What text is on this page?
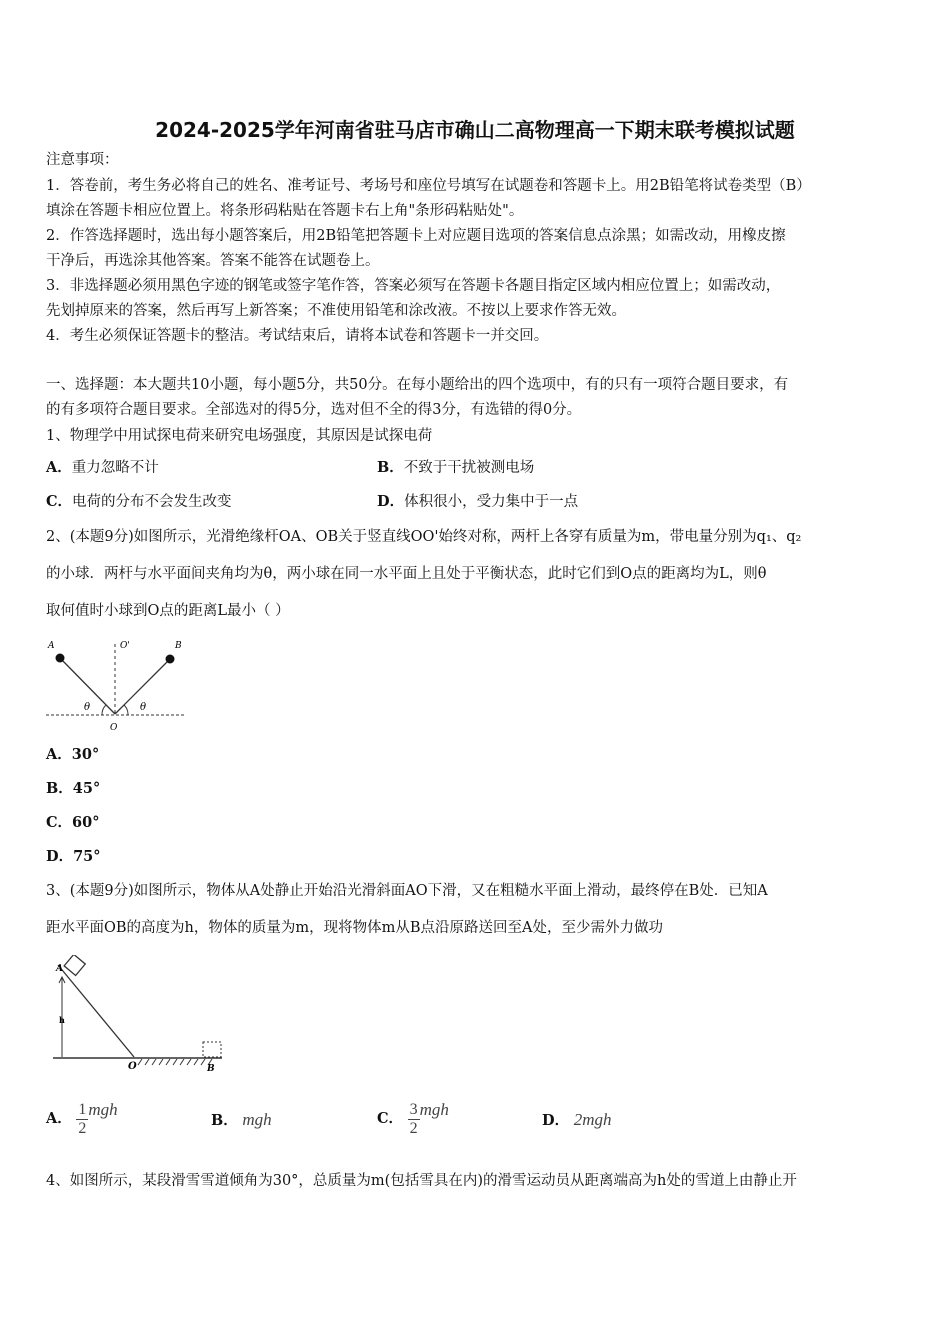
2024-2025学年河南省驻马店市确山二高物理高一下期末联考模拟试题
注意事项：
1．答卷前，考生务必将自己的姓名、准考证号、考场号和座位号填写在试题卷和答题卡上。用2B铅笔将试卷类型（B）
填涂在答题卡相应位置上。将条形码粘贴在答题卡右上角"条形码粘贴处"。
2．作答选择题时，选出每小题答案后，用2B铅笔把答题卡上对应题目选项的答案信息点涂黑；如需改动，用橡皮擦
干净后，再选涂其他答案。答案不能答在试题卷上。
3．非选择题必须用黑色字迹的钢笔或签字笔作答，答案必须写在答题卡各题目指定区域内相应位置上；如需改动，
先划掉原来的答案，然后再写上新答案；不准使用铅笔和涂改液。不按以上要求作答无效。
4．考生必须保证答题卡的整洁。考试结束后，请将本试卷和答题卡一并交回。
一、选择题：本大题共10小题，每小题5分，共50分。在每小题给出的四个选项中，有的只有一项符合题目要求，有
的有多项符合题目要求。全部选对的得5分，选对但不全的得3分，有选错的得0分。
1、物理学中用试探电荷来研究电场强度，其原因是试探电荷
A．重力忽略不计	B．不致于干扰被测电场
C．电荷的分布不会发生改变	D．体积很小，受力集中于一点
2、(本题9分)如图所示，光滑绝缘杆OA、OB关于竖直线OO'始终对称，两杆上各穿有质量为m，带电量分别为q₁、q₂
的小球．两杆与水平面间夹角均为θ，两小球在同一水平面上且处于平衡状态，此时它们到O点的距离均为L，则θ
取何值时小球到O点的距离L最小（ ）
A	O'	B
θ	θ
O
A．30°
B．45°
C．60°
D．75°
3、(本题9分)如图所示，物体从A处静止开始沿光滑斜面AO下滑，又在粗糙水平面上滑动，最终停在B处．已知A
距水平面OB的高度为h，物体的质量为m，现将物体m从B点沿原路送回至A处，至少需外力做功
A
h
O	B
A． $\frac{1}{2}$ mgh
B． mgh	C． $\frac{3}{2}$ mgh
D． 2mgh
4、如图所示，某段滑雪雪道倾角为30°，总质量为m(包括雪具在内)的滑雪运动员从距离端高为h处的雪道上由静止开
